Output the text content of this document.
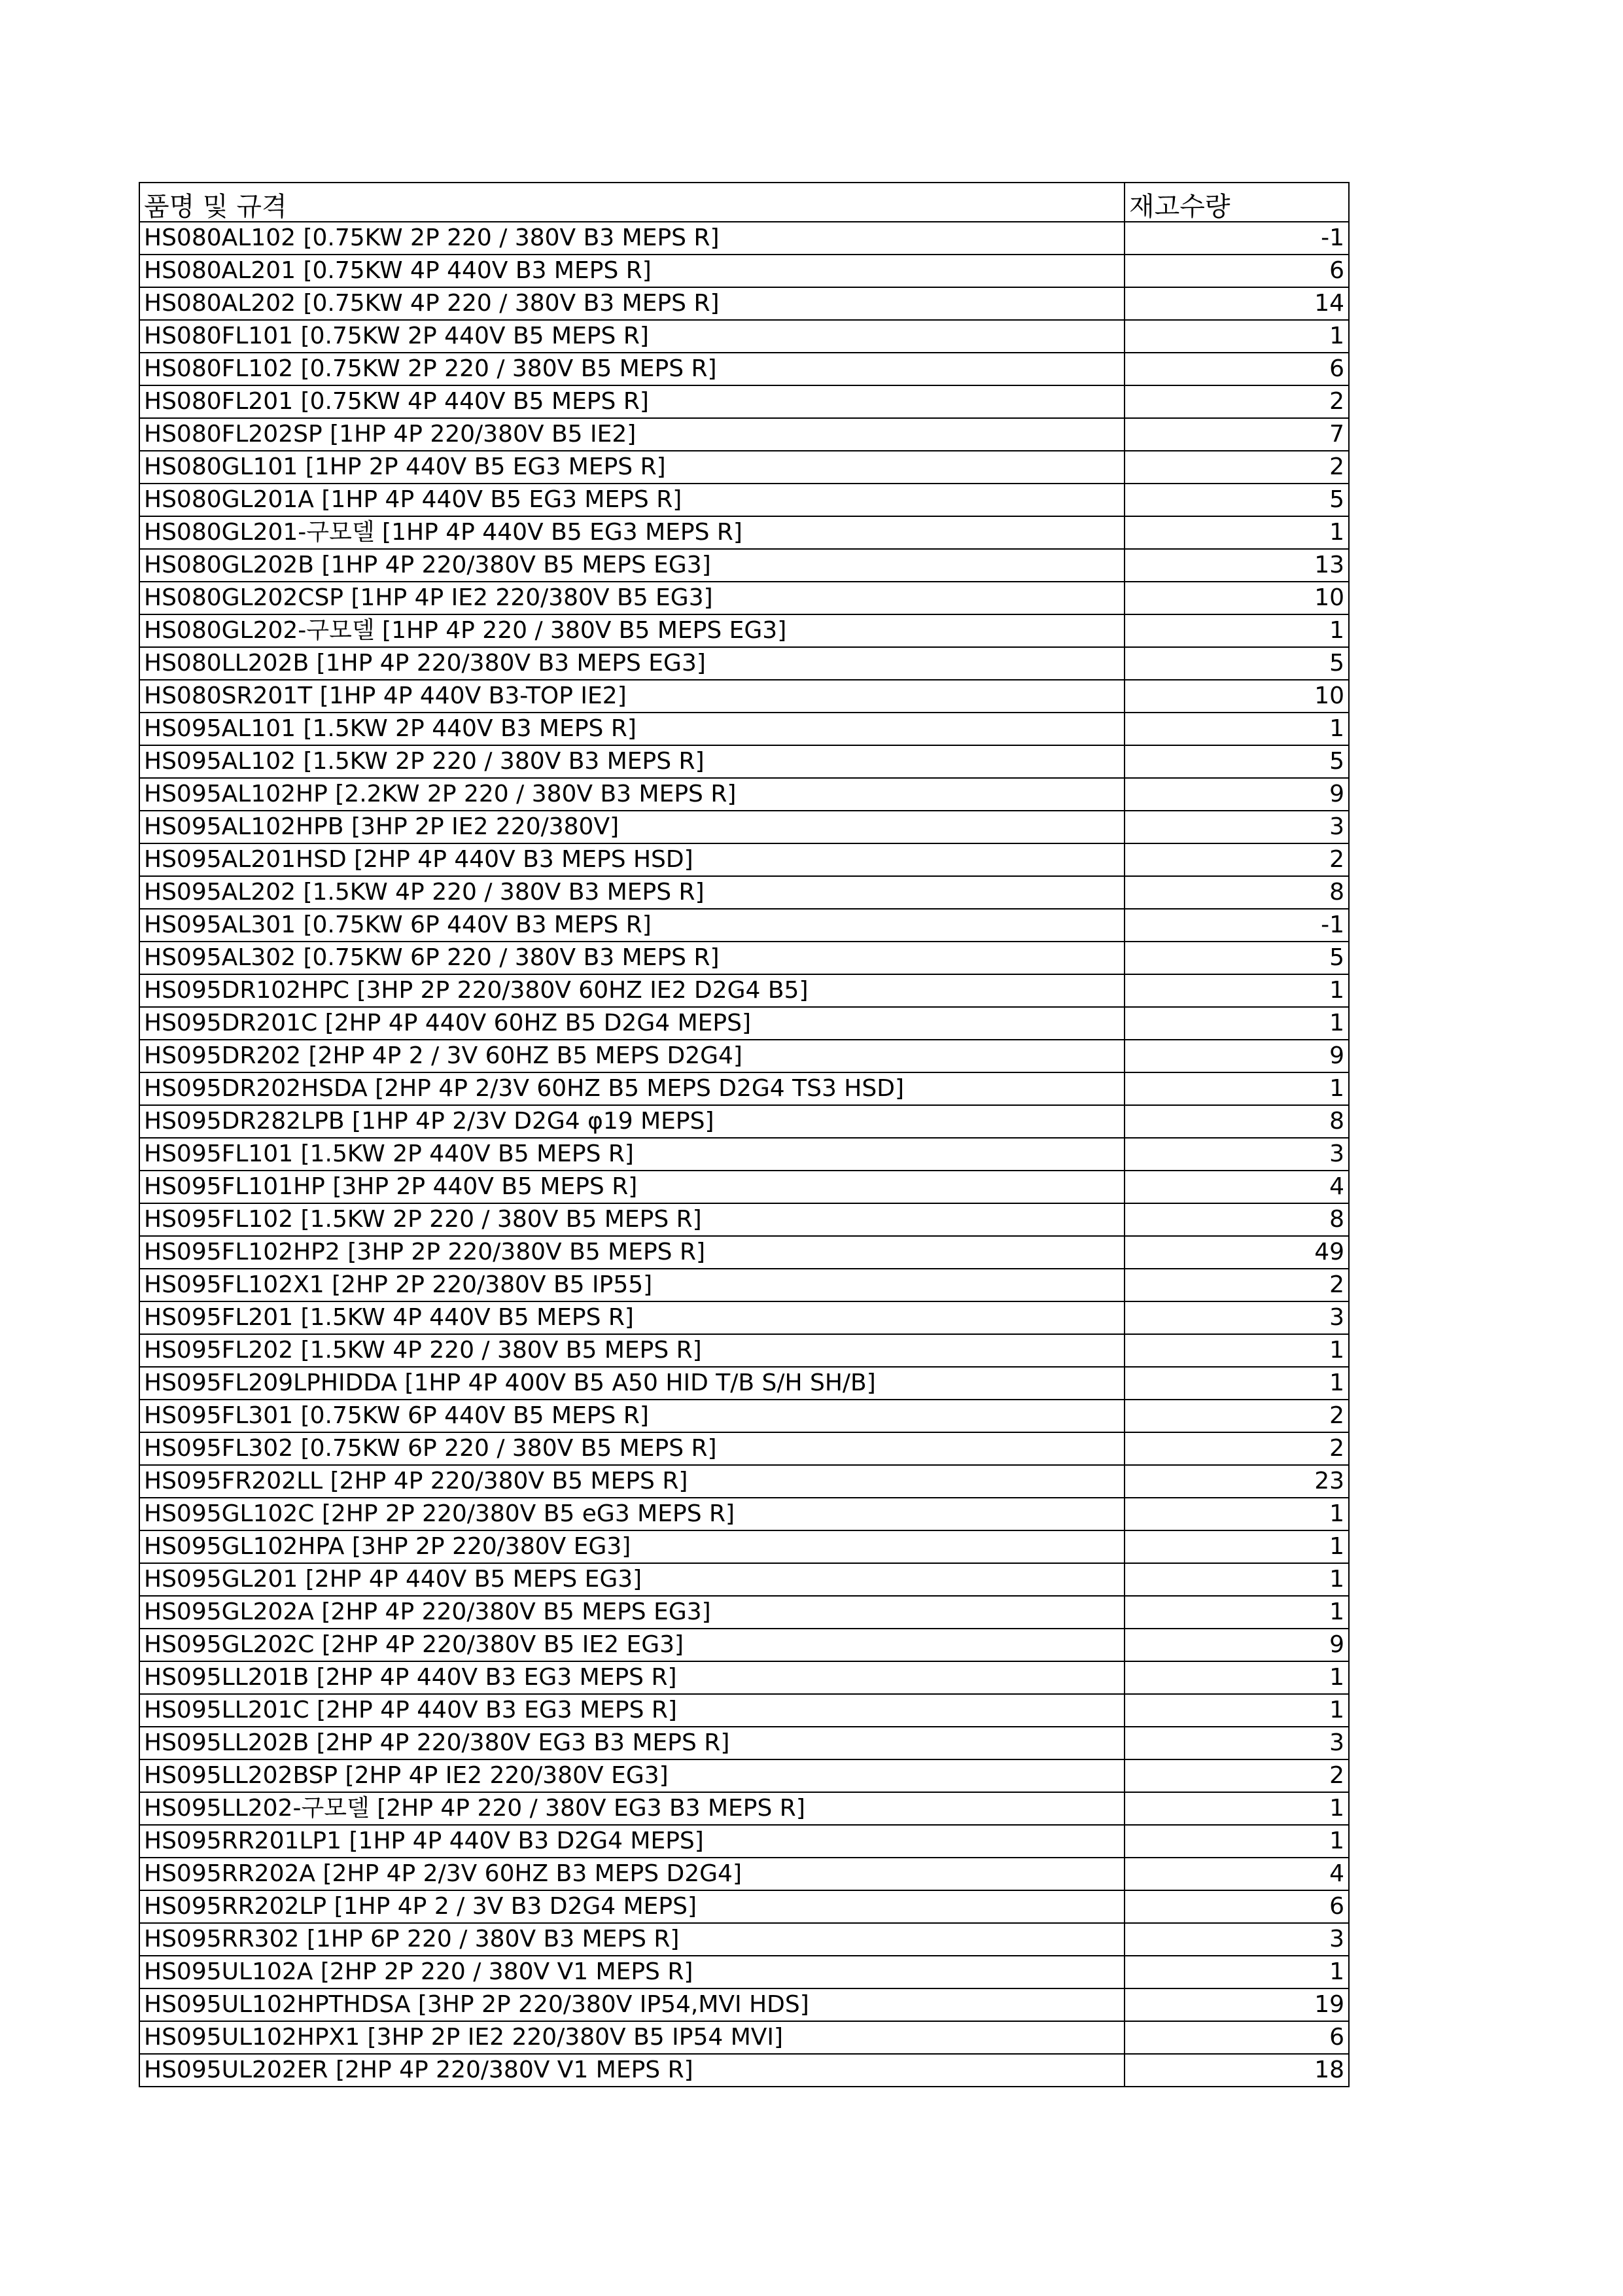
품명 및 규격	재고수량
HS080AL102 [0.75KW 2P 220 / 380V B3 MEPS R]	-1
HS080AL201 [0.75KW 4P 440V B3 MEPS R]	6
HS080AL202 [0.75KW 4P 220 / 380V B3 MEPS R]	14
HS080FL101 [0.75KW 2P 440V B5 MEPS R]	1
HS080FL102 [0.75KW 2P 220 / 380V B5 MEPS R]	6
HS080FL201 [0.75KW 4P 440V B5 MEPS R]	2
HS080FL202SP [1HP 4P 220/380V B5 IE2]	7
HS080GL101 [1HP 2P 440V B5 EG3 MEPS R]	2
HS080GL201A [1HP 4P 440V B5 EG3 MEPS R]	5
HS080GL201-구모델 [1HP 4P 440V B5 EG3 MEPS R]	1
HS080GL202B [1HP 4P 220/380V B5 MEPS EG3]	13
HS080GL202CSP [1HP 4P IE2 220/380V B5 EG3]	10
HS080GL202-구모델 [1HP 4P 220 / 380V B5 MEPS EG3]	1
HS080LL202B [1HP 4P 220/380V B3 MEPS EG3]	5
HS080SR201T [1HP 4P 440V B3-TOP IE2]	10
HS095AL101 [1.5KW 2P 440V B3 MEPS R]	1
HS095AL102 [1.5KW 2P 220 / 380V B3 MEPS R]	5
HS095AL102HP [2.2KW 2P 220 / 380V B3 MEPS R]	9
HS095AL102HPB [3HP 2P IE2 220/380V]	3
HS095AL201HSD [2HP 4P 440V B3 MEPS HSD]	2
HS095AL202 [1.5KW 4P 220 / 380V B3 MEPS R]	8
HS095AL301 [0.75KW 6P 440V B3 MEPS R]	-1
HS095AL302 [0.75KW 6P 220 / 380V B3 MEPS R]	5
HS095DR102HPC [3HP 2P 220/380V 60HZ IE2 D2G4 B5]	1
HS095DR201C [2HP 4P 440V 60HZ B5 D2G4 MEPS]	1
HS095DR202 [2HP 4P 2 / 3V 60HZ B5 MEPS D2G4]	9
HS095DR202HSDA [2HP 4P 2/3V 60HZ B5 MEPS D2G4 TS3 HSD]	1
HS095DR282LPB [1HP 4P 2/3V D2G4 φ19 MEPS]	8
HS095FL101 [1.5KW 2P 440V B5 MEPS R]	3
HS095FL101HP [3HP 2P 440V B5 MEPS R]	4
HS095FL102 [1.5KW 2P 220 / 380V B5 MEPS R]	8
HS095FL102HP2 [3HP 2P 220/380V B5 MEPS R]	49
HS095FL102X1 [2HP 2P 220/380V B5 IP55]	2
HS095FL201 [1.5KW 4P 440V B5 MEPS R]	3
HS095FL202 [1.5KW 4P 220 / 380V B5 MEPS R]	1
HS095FL209LPHIDDA [1HP 4P 400V B5 A50 HID T/B S/H SH/B]	1
HS095FL301 [0.75KW 6P 440V B5 MEPS R]	2
HS095FL302 [0.75KW 6P 220 / 380V B5 MEPS R]	2
HS095FR202LL [2HP 4P 220/380V B5 MEPS R]	23
HS095GL102C [2HP 2P 220/380V B5 eG3 MEPS R]	1
HS095GL102HPA [3HP 2P 220/380V EG3]	1
HS095GL201 [2HP 4P 440V B5 MEPS EG3]	1
HS095GL202A [2HP 4P 220/380V B5 MEPS EG3]	1
HS095GL202C [2HP 4P 220/380V B5 IE2 EG3]	9
HS095LL201B [2HP 4P 440V B3 EG3 MEPS R]	1
HS095LL201C [2HP 4P 440V B3 EG3 MEPS R]	1
HS095LL202B [2HP 4P 220/380V EG3 B3 MEPS R]	3
HS095LL202BSP [2HP 4P IE2 220/380V EG3]	2
HS095LL202-구모델 [2HP 4P 220 / 380V EG3 B3 MEPS R]	1
HS095RR201LP1 [1HP 4P 440V B3 D2G4 MEPS]	1
HS095RR202A [2HP 4P 2/3V 60HZ B3 MEPS D2G4]	4
HS095RR202LP [1HP 4P 2 / 3V B3 D2G4 MEPS]	6
HS095RR302 [1HP 6P 220 / 380V B3 MEPS R]	3
HS095UL102A [2HP 2P 220 / 380V V1 MEPS R]	1
HS095UL102HPTHDSA [3HP 2P 220/380V IP54,MVI HDS]	19
HS095UL102HPX1 [3HP 2P IE2 220/380V B5 IP54 MVI]	6
HS095UL202ER [2HP 4P 220/380V V1 MEPS R]	18
